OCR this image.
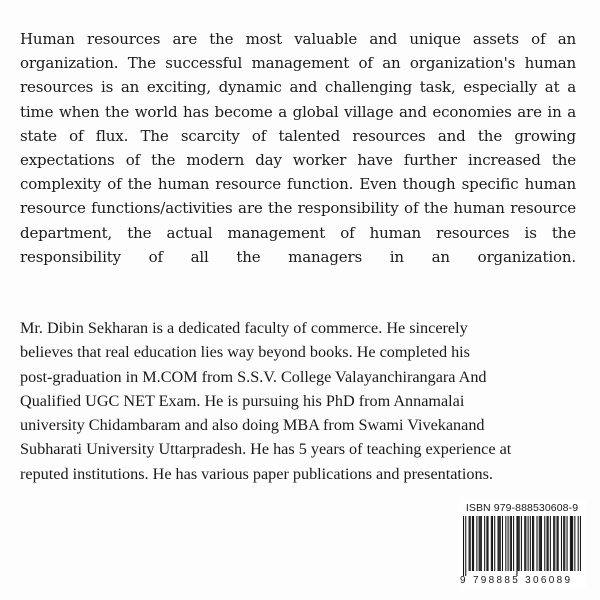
Human resources are the most valuable and unique assets of an organization. The successful management of an organization's human resources is an exciting, dynamic and challenging task, especially at a time when the world has become a global village and economies are in a state of flux. The scarcity of talented resources and the growing expectations of the modern day worker have further increased the complexity of the human resource function. Even though specific human resource functions/activities are the responsibility of the human resource department, the actual management of human resources is the responsibility of all the managers in an organization.

Mr. Dibin Sekharan is a dedicated faculty of commerce. He sincerely
believes that real education lies way beyond books. He completed his
post-graduation in M.COM from S.S.V. College Valayanchirangara And
Qualified UGC NET Exam. He is pursuing his PhD from Annamalai
university Chidambaram and also doing MBA from Swami Vivekanand
Subharati University Uttarpradesh. He has 5 years of teaching experience at
reputed institutions. He has various paper publications and presentations.

ISBN 979-888530608-9
9 798885 306089
